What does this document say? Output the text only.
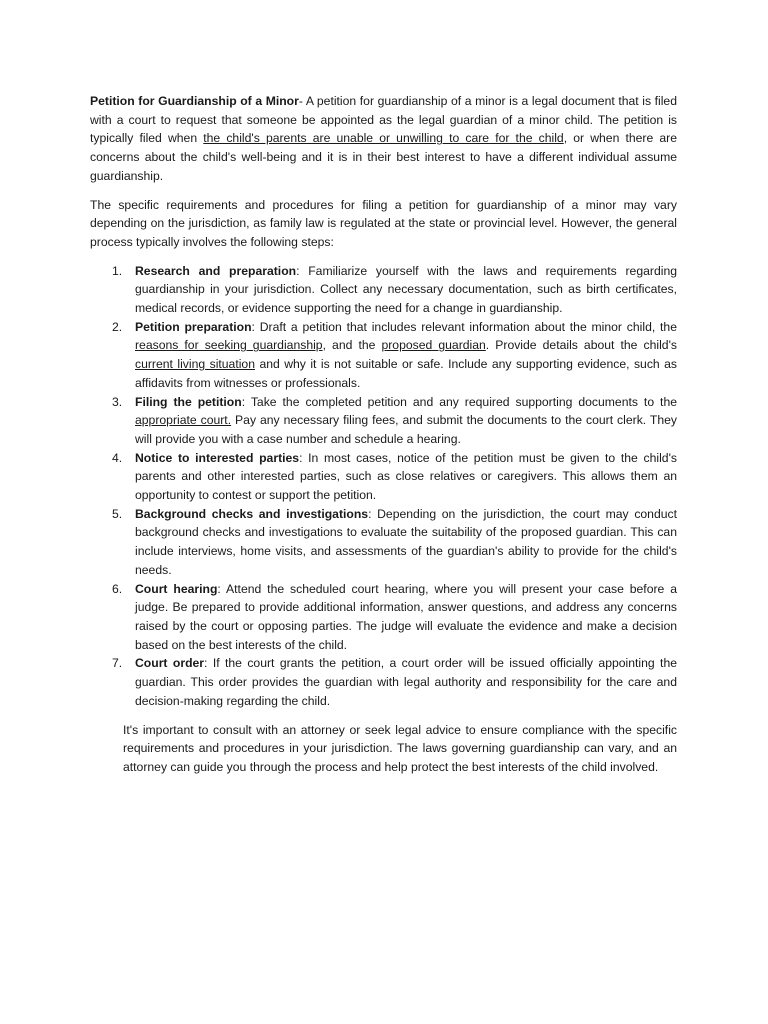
Petition for Guardianship of a Minor- A petition for guardianship of a minor is a legal document that is filed with a court to request that someone be appointed as the legal guardian of a minor child. The petition is typically filed when the child's parents are unable or unwilling to care for the child, or when there are concerns about the child's well-being and it is in their best interest to have a different individual assume guardianship.

The specific requirements and procedures for filing a petition for guardianship of a minor may vary depending on the jurisdiction, as family law is regulated at the state or provincial level. However, the general process typically involves the following steps:

1. Research and preparation: Familiarize yourself with the laws and requirements regarding guardianship in your jurisdiction. Collect any necessary documentation, such as birth certificates, medical records, or evidence supporting the need for a change in guardianship.
2. Petition preparation: Draft a petition that includes relevant information about the minor child, the reasons for seeking guardianship, and the proposed guardian. Provide details about the child's current living situation and why it is not suitable or safe. Include any supporting evidence, such as affidavits from witnesses or professionals.
3. Filing the petition: Take the completed petition and any required supporting documents to the appropriate court. Pay any necessary filing fees, and submit the documents to the court clerk. They will provide you with a case number and schedule a hearing.
4. Notice to interested parties: In most cases, notice of the petition must be given to the child's parents and other interested parties, such as close relatives or caregivers. This allows them an opportunity to contest or support the petition.
5. Background checks and investigations: Depending on the jurisdiction, the court may conduct background checks and investigations to evaluate the suitability of the proposed guardian. This can include interviews, home visits, and assessments of the guardian's ability to provide for the child's needs.
6. Court hearing: Attend the scheduled court hearing, where you will present your case before a judge. Be prepared to provide additional information, answer questions, and address any concerns raised by the court or opposing parties. The judge will evaluate the evidence and make a decision based on the best interests of the child.
7. Court order: If the court grants the petition, a court order will be issued officially appointing the guardian. This order provides the guardian with legal authority and responsibility for the care and decision-making regarding the child.

It's important to consult with an attorney or seek legal advice to ensure compliance with the specific requirements and procedures in your jurisdiction. The laws governing guardianship can vary, and an attorney can guide you through the process and help protect the best interests of the child involved.
